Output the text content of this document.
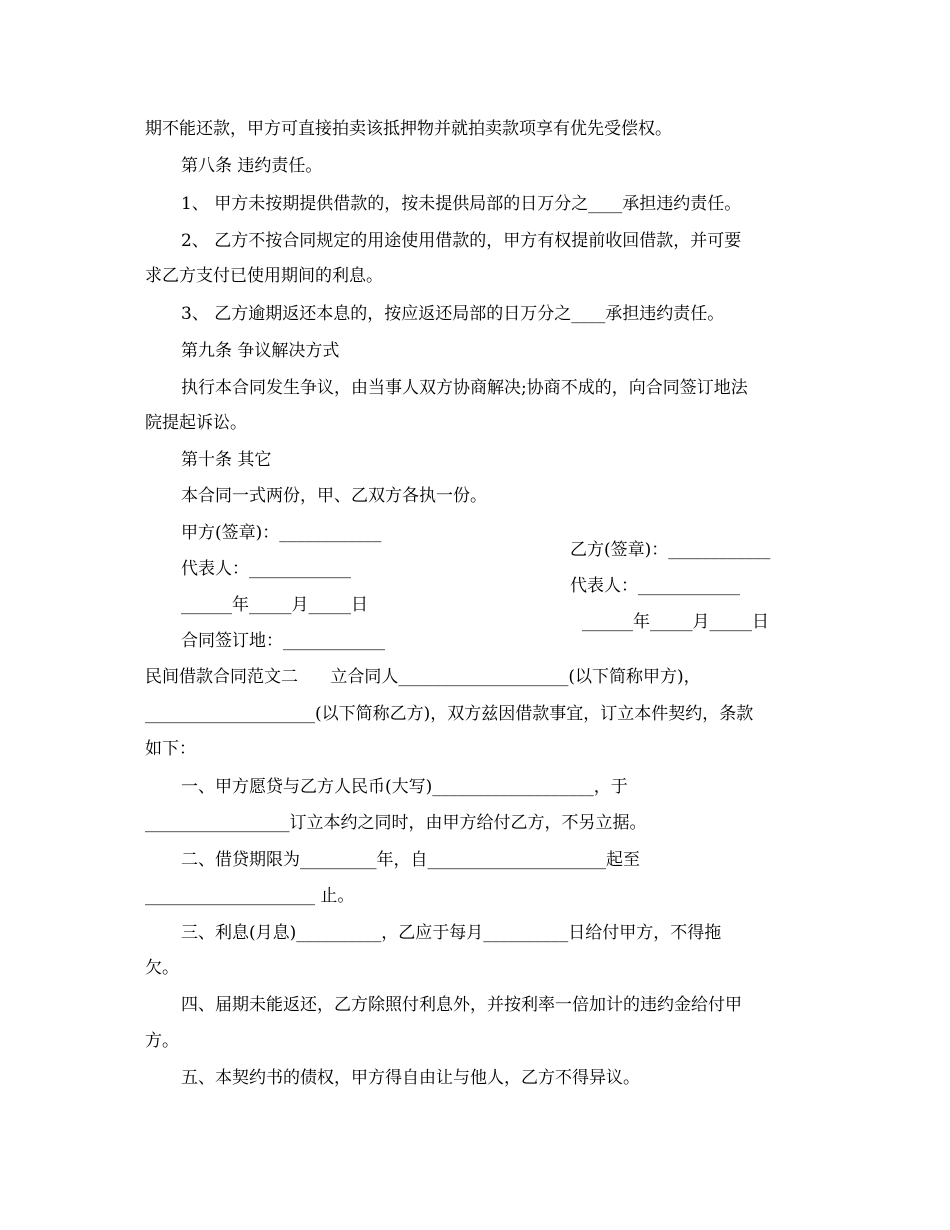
期不能还款，甲方可直接拍卖该抵押物并就拍卖款项享有优先受偿权。

第八条 违约责任。

1、 甲方未按期提供借款的，按未提供局部的日万分之____承担违约责任。

2、 乙方不按合同规定的用途使用借款的，甲方有权提前收回借款，并可要

求乙方支付已使用期间的利息。

3、 乙方逾期返还本息的，按应返还局部的日万分之____承担违约责任。

第九条 争议解决方式

执行本合同发生争议，由当事人双方协商解决;协商不成的，向合同签订地法

院提起诉讼。

第十条 其它

本合同一式两份，甲、乙双方各执一份。

甲方(签章)：____________

乙方(签章)：____________

代表人：____________

代表人：____________

______年_____月_____日

______年_____月_____日

合同签订地：____________

民间借款合同范文二      立合同人____________________(以下简称甲方)，

____________________(以下简称乙方)，双方兹因借款事宜，订立本件契约，条款

如下：

一、甲方愿贷与乙方人民币(大写)___________________，于

_________________订立本约之同时，由甲方给付乙方，不另立据。

二、借贷期限为_________年，自_____________________起至

____________________ 止。

三、利息(月息)__________，乙应于每月__________日给付甲方，不得拖

欠。

四、届期未能返还，乙方除照付利息外，并按利率一倍加计的违约金给付甲

方。

五、本契约书的债权，甲方得自由让与他人，乙方不得异议。
